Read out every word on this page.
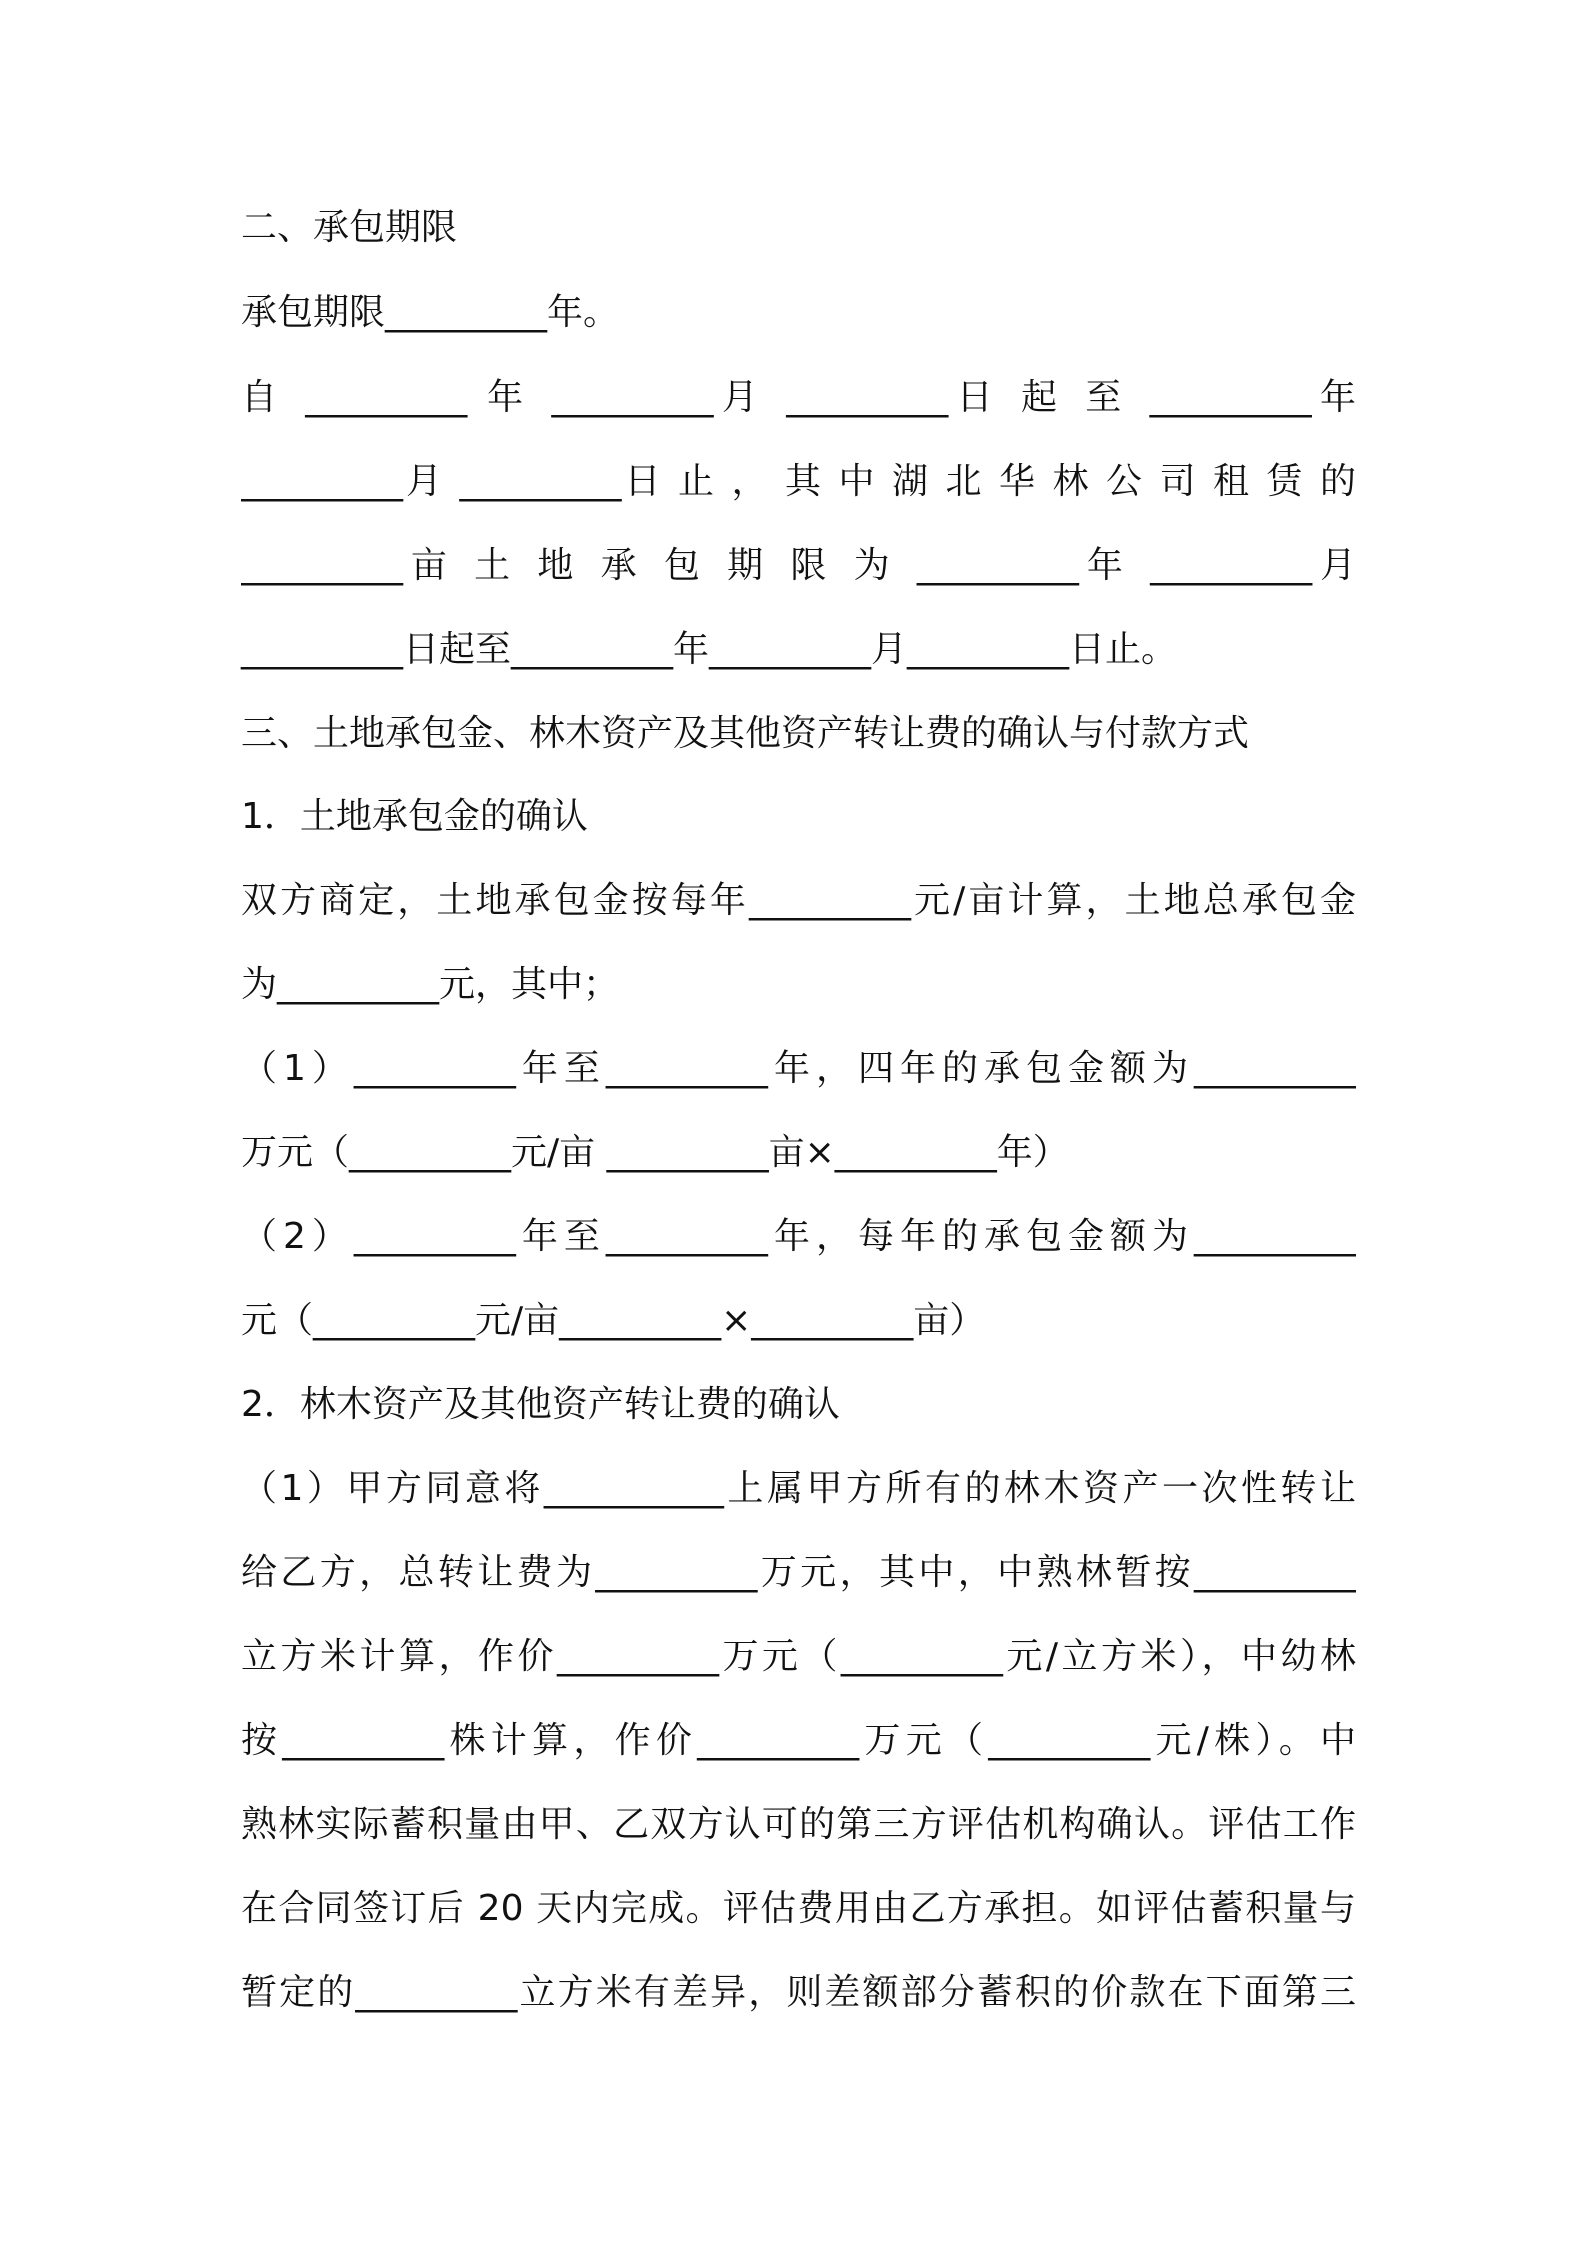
二、承包期限
承包期限_________年。
自 _________ 年 _________月 _________日 起 至 _________年
_________月 _________日 止 ， 其 中 湖 北 华 林 公 司 租 赁 的
_________亩 土 地 承 包 期 限 为 _________年 _________月
_________日起至_________年_________月_________日止。
三、土地承包金、林木资产及其他资产转让费的确认与付款方式
1．土地承包金的确认
双方商定，土地承包金按每年_________元/亩计算，土地总承包金
为_________元，其中；
（1）_________年至_________年，四年的承包金额为_________
万元（_________元/亩 _________亩×_________年）
（2）_________年至_________年，每年的承包金额为_________
元（_________元/亩_________×_________亩）
2．林木资产及其他资产转让费的确认
（1）甲方同意将__________上属甲方所有的林木资产一次性转让
给乙方，总转让费为_________万元，其中，中熟林暂按_________
立方米计算，作价_________万元（_________元/立方米），中幼林
按_________株计算，作价_________万元（_________元/株）。中
熟林实际蓄积量由甲、乙双方认可的第三方评估机构确认。评估工作
在合同签订后 20 天内完成。评估费用由乙方承担。如评估蓄积量与
暂定的_________立方米有差异，则差额部分蓄积的价款在下面第三
